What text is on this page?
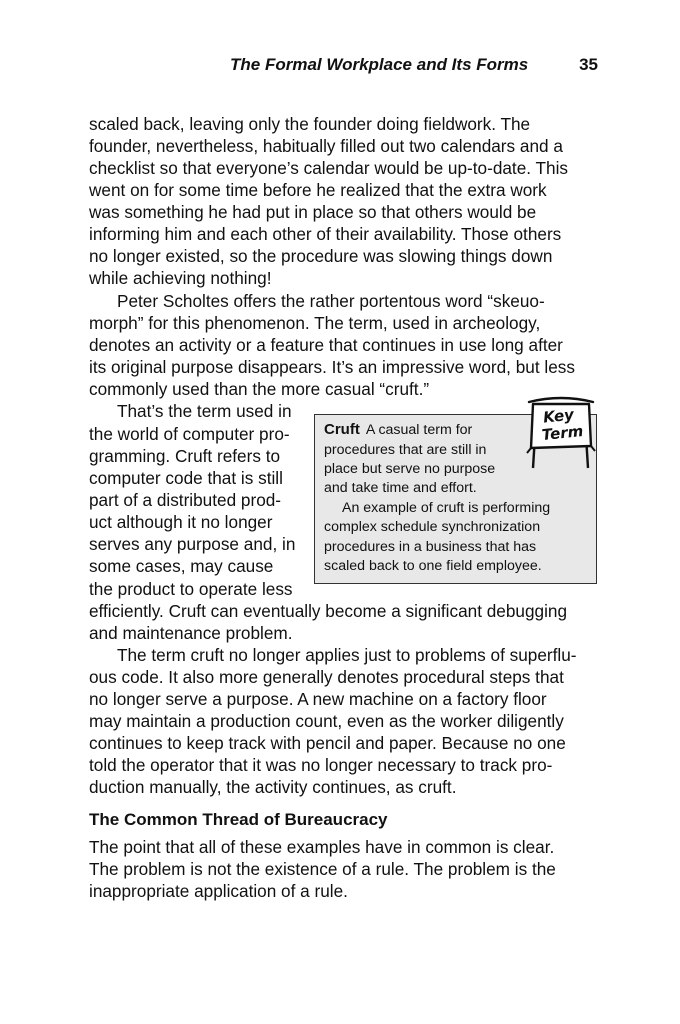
The Formal Workplace and Its Forms	35
scaled back, leaving only the founder doing fieldwork. The
founder, nevertheless, habitually filled out two calendars and a
checklist so that everyone’s calendar would be up-to-date. This
went on for some time before he realized that the extra work
was something he had put in place so that others would be
informing him and each other of their availability. Those others
no longer existed, so the procedure was slowing things down
while achieving nothing!
Peter Scholtes offers the rather portentous word “skeuo-
morph” for this phenomenon. The term, used in archeology,
denotes an activity or a feature that continues in use long after
its original purpose disappears. It’s an impressive word, but less
commonly used than the more casual “cruft.”
That’s the term used in
the world of computer pro-
gramming. Cruft refers to
computer code that is still
part of a distributed prod-
uct although it no longer
serves any purpose and, in
some cases, may cause
the product to operate less
efficiently. Cruft can eventually become a significant debugging
and maintenance problem.
The term cruft no longer applies just to problems of superflu-
ous code. It also more generally denotes procedural steps that
no longer serve a purpose. A new machine on a factory floor
may maintain a production count, even as the worker diligently
continues to keep track with pencil and paper. Because no one
told the operator that it was no longer necessary to track pro-
duction manually, the activity continues, as cruft.
The Common Thread of Bureaucracy
The point that all of these examples have in common is clear.
The problem is not the existence of a rule. The problem is the
inappropriate application of a rule.
Cruft A casual term for
procedures that are still in
place but serve no purpose
and take time and effort.
An example of cruft is performing
complex schedule synchronization
procedures in a business that has
scaled back to one field employee.
Key
Term
